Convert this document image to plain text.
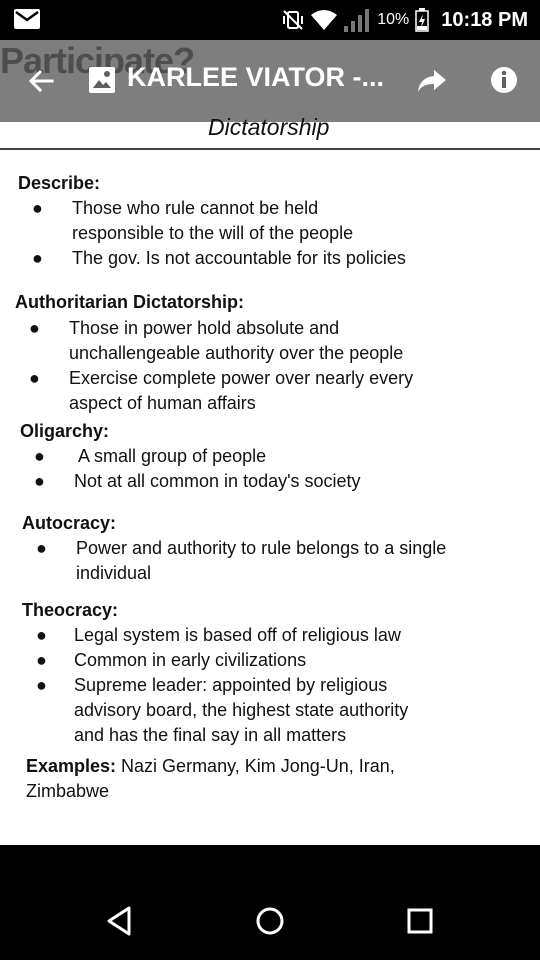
10% 10:18 PM
KARLEE VIATOR -...
Dictatorship
Describe:
● Those who rule cannot be held
responsible to the will of the people
● The gov. Is not accountable for its policies
Authoritarian Dictatorship:
● Those in power hold absolute and
unchallengeable authority over the people
● Exercise complete power over nearly every
aspect of human affairs
Oligarchy:
● A small group of people
● Not at all common in today's society
Autocracy:
● Power and authority to rule belongs to a single
individual
Theocracy:
● Legal system is based off of religious law
● Common in early civilizations
● Supreme leader: appointed by religious
advisory board, the highest state authority
and has the final say in all matters
Examples: Nazi Germany, Kim Jong-Un, Iran,
Zimbabwe
